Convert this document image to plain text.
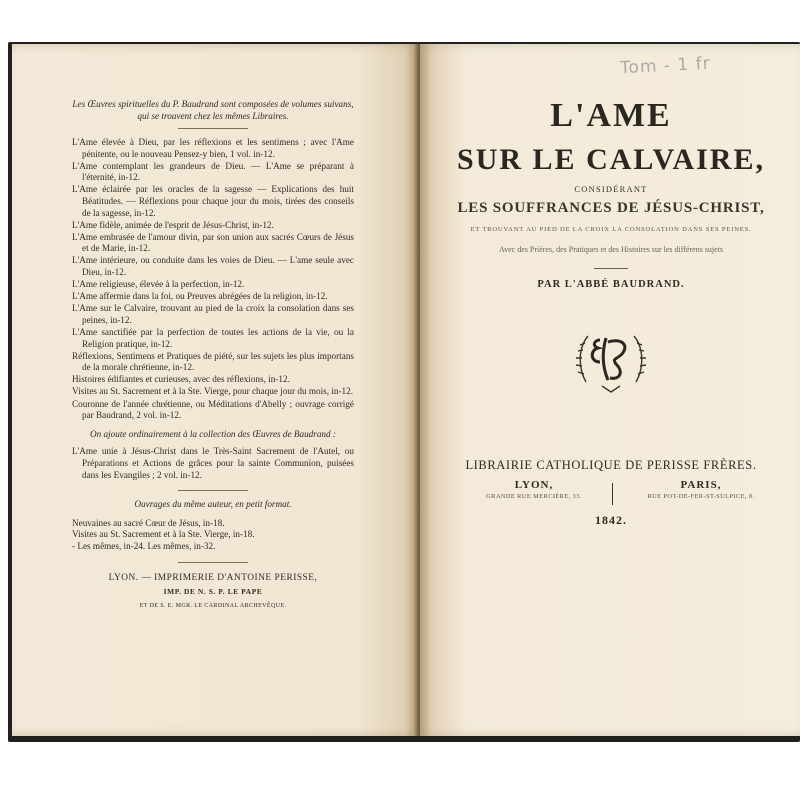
Tom - 1 fr
Les Œuvres spirituelles du P. Baudrand sont composées de volumes suivans, qui se trouvent chez les mêmes Libraires.
L'Ame élevée à Dieu, par les réflexions et les sentimens ; avec l'Ame pénitente, ou le nouveau Pensez-y bien, 1 vol. in-12.
L'Ame contemplant les grandeurs de Dieu. — L'Ame se préparant à l'éternité, in-12.
L'Ame éclairée par les oracles de la sagesse — Explications des huit Béatitudes. — Réflexions pour chaque jour du mois, tirées des conseils de la sagesse, in-12.
L'Ame fidèle, animée de l'esprit de Jésus-Christ, in-12.
L'Ame embrasée de l'amour divin, par son union aux sacrés Cœurs de Jésus et de Marie, in-12.
L'Ame intérieure, ou conduite dans les voies de Dieu. — L'ame seule avec Dieu, in-12.
L'Ame religieuse, élevée à la perfection, in-12.
L'Ame affermie dans la foi, ou Preuves abrégées de la religion, in-12.
L'Ame sur le Calvaire, trouvant au pied de la croix la consolation dans ses peines, in-12.
L'Ame sanctifiée par la perfection de toutes les actions de la vie, ou la Religion pratique, in-12.
Réflexions, Sentimens et Pratiques de piété, sur les sujets les plus importans de la morale chrétienne, in-12.
Histoires édifiantes et curieuses, avec des réflexions, in-12.
Visites au St. Sacrement et à la Ste. Vierge, pour chaque jour du mois, in-12.
Couronne de l'année chrétienne, ou Méditations d'Abelly ; ouvrage corrigé par Baudrand, 2 vol. in-12.
On ajoute ordinairement à la collection des Œuvres de Baudrand :
L'Ame unie à Jésus-Christ dans le Très-Saint Sacrement de l'Autel, ou Préparations et Actions de grâces pour la sainte Communion, puisées dans les Evangiles ; 2 vol. in-12.
Ouvrages du même auteur, en petit format.
Neuvaines au sacré Cœur de Jésus, in-18.
Visites au St. Sacrement et à la Ste. Vierge, in-18.
- Les mêmes, in-24. Les mêmes, in-32.
LYON. — IMPRIMERIE D'ANTOINE PERISSE,
IMP. DE N. S. P. LE PAPE
ET DE S. E. MGR. LE CARDINAL ARCHEVÊQUE.
L'AME
SUR LE CALVAIRE,
CONSIDÉRANT
LES SOUFFRANCES DE JÉSUS-CHRIST,
ET TROUVANT AU PIED DE LA CROIX LA CONSOLATION DANS SES PEINES.
Avec des Prières, des Pratiques et des Histoires sur les différens sujets
PAR L'ABBÉ BAUDRAND.
LIBRAIRIE CATHOLIQUE DE PERISSE FRÈRES.
LYON,
GRANDE RUE MERCIÈRE, 33.
PARIS,
RUE POT-DE-FER-ST-SULPICE, 8.
1842.
